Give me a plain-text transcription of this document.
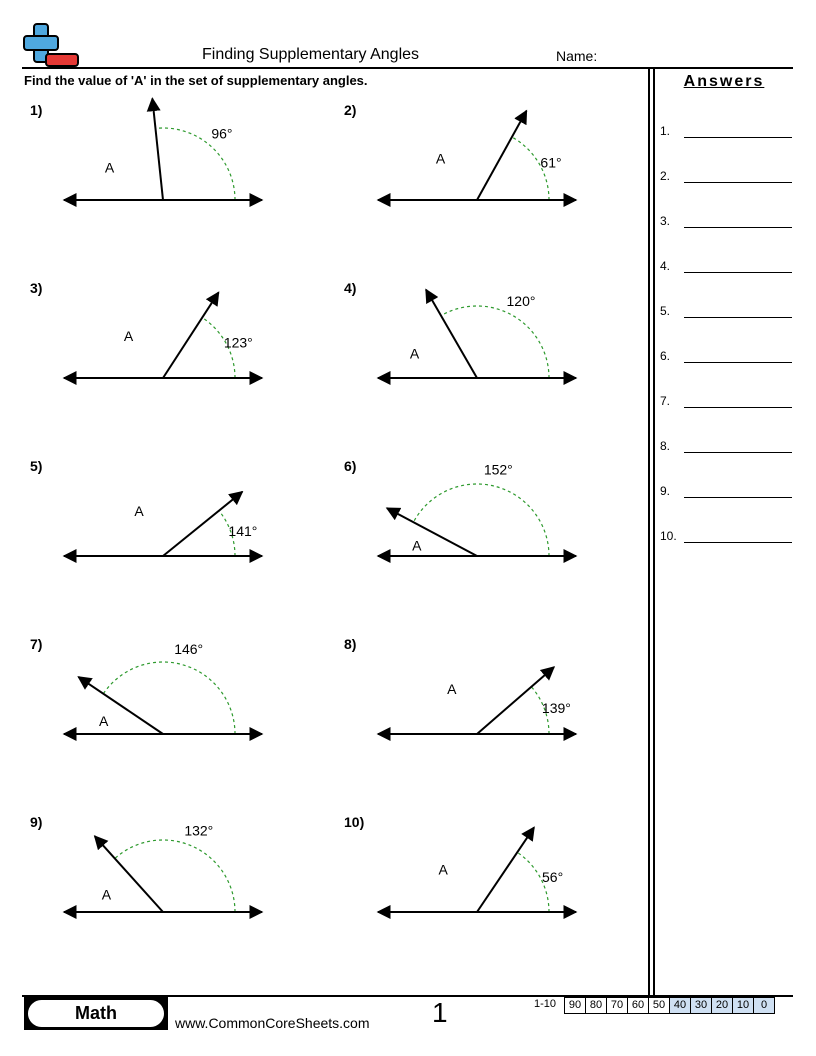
Finding Supplementary Angles	Name:
Find the value of 'A' in the set of supplementary angles.	Answers
1.
2.
3.
4.
5.
6.
7.
8.
9.
10.
1)
96°
A
2)
61°
A
3)
123°
A
4)
120°
A
5)
141°
A
6)	152°
A
7)	146°
A
8)
139°
A
9)
132°
A
10)
56°
A
Math	www.CommonCoreSheets.com 1	1-10	90 80 70 60 50 40 30 20 10	0
